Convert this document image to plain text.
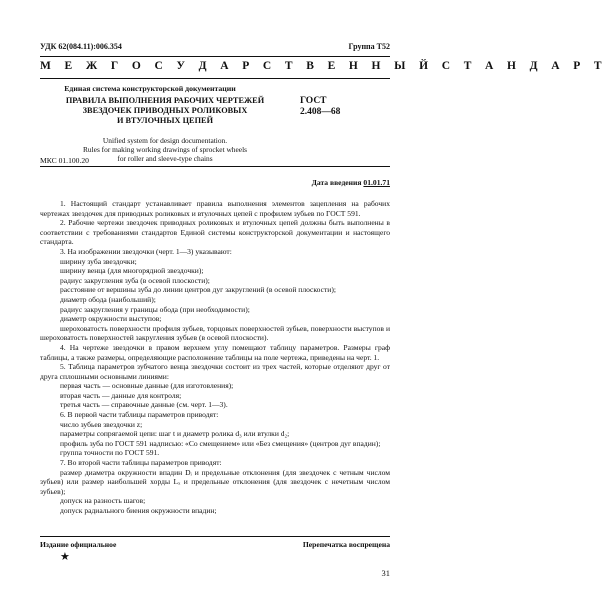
УДК 62(084.11):006.354	Группа Т52
М Е Ж Г О С У Д А Р С Т В Е Н Н Ы Й С Т А Н Д А Р Т
Единая система конструкторской документации
ПРАВИЛА ВЫПОЛНЕНИЯ РАБОЧИХ ЧЕРТЕЖЕЙ
ЗВЕЗДОЧЕК ПРИВОДНЫХ РОЛИКОВЫХ
И ВТУЛОЧНЫХ ЦЕПЕЙ
ГОСТ
2.408—68
Unified system for design documentation.
Rules for making working drawings of sprocket wheels
for roller and sleeve-type chains
МКС 01.100.20
Дата введения 01.01.71

1. Настоящий стандарт устанавливает правила выполнения элементов зацепления на рабочих чертежах звездочек для приводных роликовых и втулочных цепей с профилем зубьев по ГОСТ 591.

2. Рабочие чертежи звездочек приводных роликовых и втулочных цепей должны быть выполнены в соответствии с требованиями стандартов Единой системы конструкторской документации и настоящего стандарта.

3. На изображении звездочки (черт. 1—3) указывают:

ширину зуба звездочки;

ширину венца (для многорядной звездочки);

радиус закругления зуба (в осевой плоскости);

расстояние от вершины зуба до линии центров дуг закруглений (в осевой плоскости);

диаметр обода (наибольший);

радиус закругления у границы обода (при необходимости);

диаметр окружности выступов;

шероховатость поверхности профиля зубьев, торцовых поверхностей зубьев, поверхности выступов и шероховатость поверхностей закругления зубьев (в осевой плоскости).

4. На чертеже звездочки в правом верхнем углу помещают таблицу параметров. Размеры граф таблицы, а также размеры, определяющие расположение таблицы на поле чертежа, приведены на черт. 1.

5. Таблица параметров зубчатого венца звездочки состоит из трех частей, которые отделяют друг от друга сплошными основными линиями:

первая часть — основные данные (для изготовления);

вторая часть — данные для контроля;

третья часть — справочные данные (см. черт. 1—3).

6. В первой части таблицы параметров приводят:

число зубьев звездочки z;

параметры сопрягаемой цепи: шаг t и диаметр ролика d₃ или втулки d₂;

профиль зуба по ГОСТ 591 надписью: «Со смещением» или «Без смещения» (центров дуг впадин);

группа точности по ГОСТ 591.

7. Во второй части таблицы параметров приводят:

размер диаметра окружности впадин Dᵢ и предельные отклонения (для звездочек с четным числом зубьев) или размер наибольшей хорды Lₓ и предельные отклонения (для звездочек с нечетным числом зубьев);

допуск на разность шагов;

допуск радиального биения окружности впадин;

Издание официальное	Перепечатка воспрещена
★
31
